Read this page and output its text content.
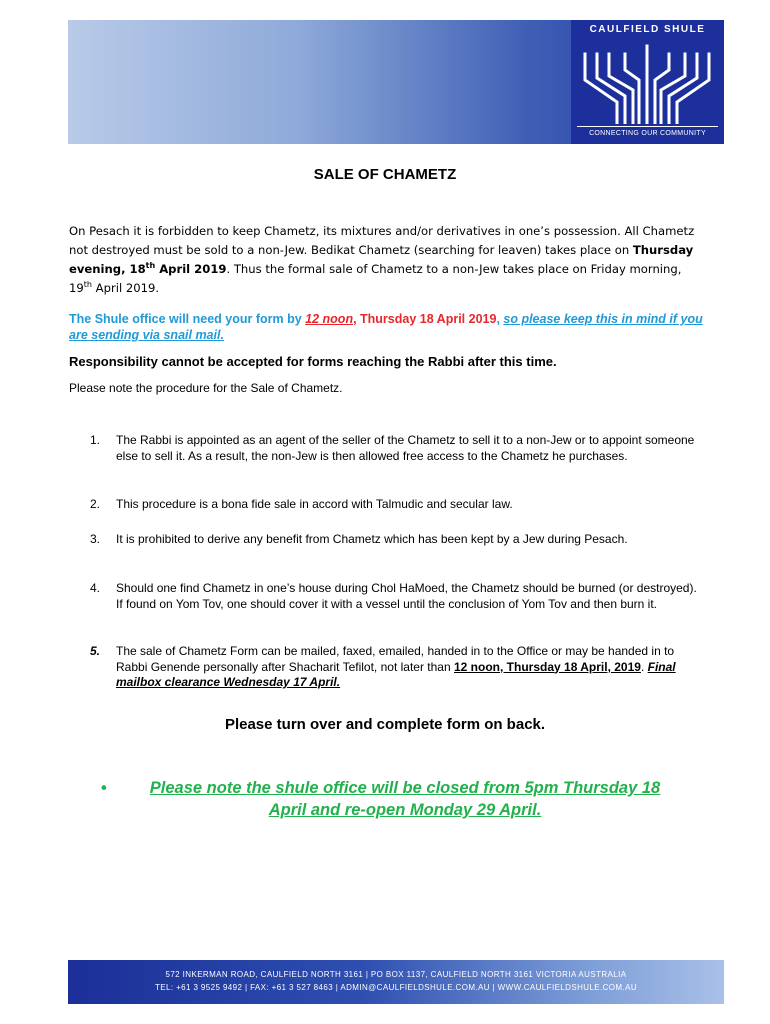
CAULFIELD SHULE
CONNECTING OUR COMMUNITY
SALE OF CHAMETZ
On Pesach it is forbidden to keep Chametz, its mixtures and/or derivatives in one’s possession. All Chametz not destroyed must be sold to a non-Jew. Bedikat Chametz (searching for leaven) takes place on Thursday evening, 18th April 2019. Thus the formal sale of Chametz to a non-Jew takes place on Friday morning, 19th April 2019.
The Shule office will need your form by 12 noon, Thursday 18 April 2019, so please keep this in mind if you are sending via snail mail.
Responsibility cannot be accepted for forms reaching the Rabbi after this time.
Please note the procedure for the Sale of Chametz.
1.	The Rabbi is appointed as an agent of the seller of the Chametz to sell it to a non-Jew or to appoint someone else to sell it. As a result, the non-Jew is then allowed free access to the Chametz he purchases.
2.	This procedure is a bona fide sale in accord with Talmudic and secular law.
3.	It is prohibited to derive any benefit from Chametz which has been kept by a Jew during Pesach.
4.	Should one find Chametz in one’s house during Chol HaMoed, the Chametz should be burned (or destroyed). If found on Yom Tov, one should cover it with a vessel until the conclusion of Yom Tov and then burn it.
5.	The sale of Chametz Form can be mailed, faxed, emailed, handed in to the Office or may be handed in to Rabbi Genende personally after Shacharit Tefilot, not later than 12 noon, Thursday 18 April, 2019. Final mailbox clearance Wednesday 17 April.
Please turn over and complete form on back.
•	Please note the shule office will be closed from 5pm Thursday 18
April and re-open Monday 29 April.
572 INKERMAN ROAD, CAULFIELD NORTH 3161 | PO BOX 1137, CAULFIELD NORTH 3161 VICTORIA AUSTRALIA
TEL: +61 3 9525 9492 | FAX: +61 3 527 8463 | ADMIN@CAULFIELDSHULE.COM.AU | WWW.CAULFIELDSHULE.COM.AU
